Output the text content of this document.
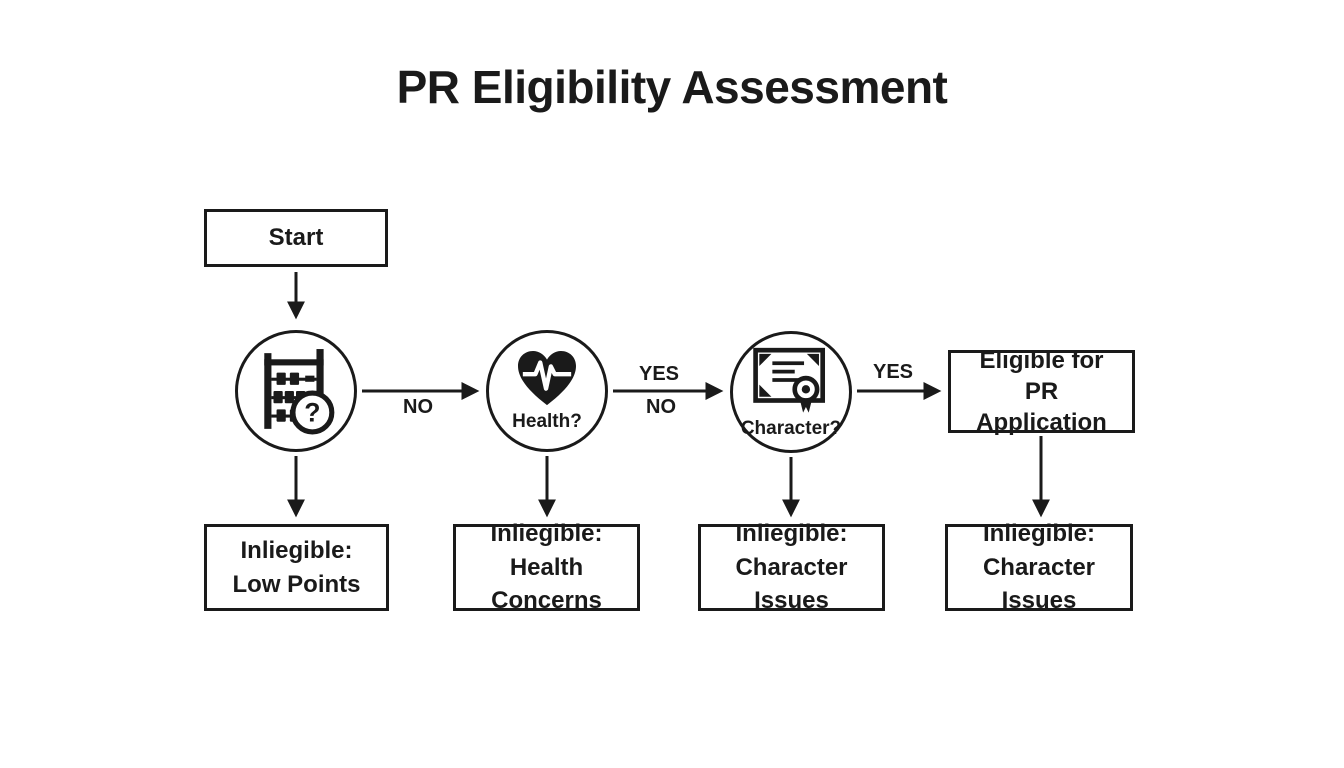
PR Eligibility Assessment
NO
YES
NO
YES
Start
?	Health?	Character?
Eligible for PR Application
Inliegible:
Low Points
Inliegible:
Health Concerns
Inliegible:
Character Issues
Inliegible:
Character Issues
